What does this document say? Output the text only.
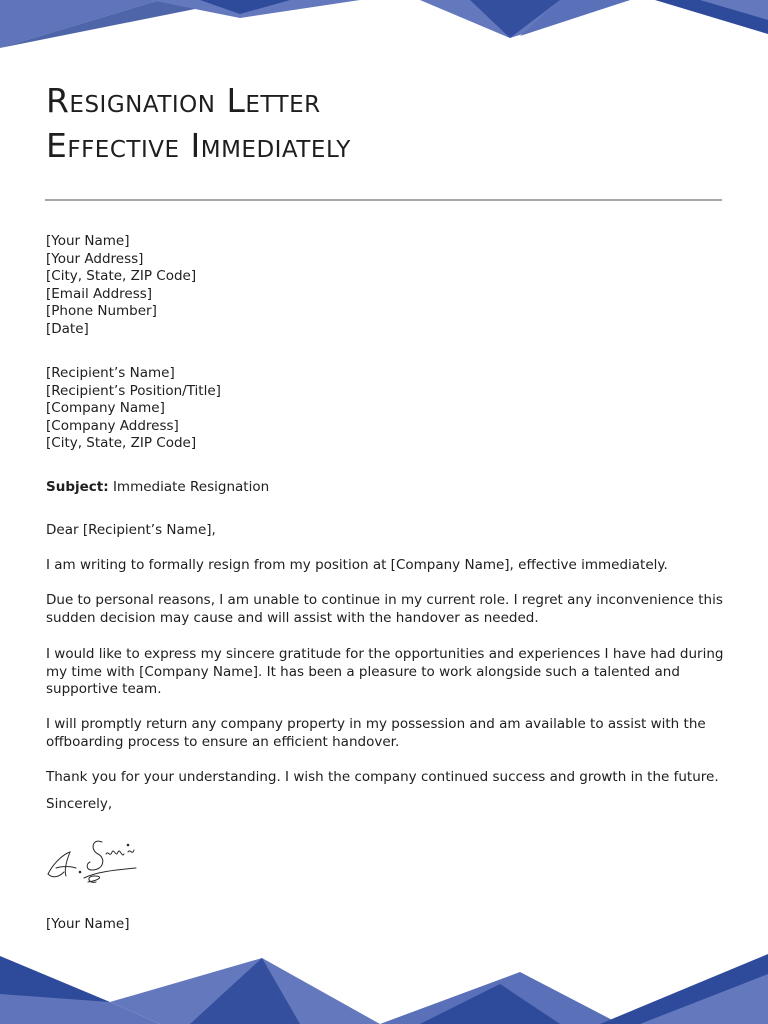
Resignation Letter
Effective Immediately
[Your Name]
[Your Address]
[City, State, ZIP Code]
[Email Address]
[Phone Number]
[Date]
[Recipient’s Name]
[Recipient’s Position/Title]
[Company Name]
[Company Address]
[City, State, ZIP Code]

Subject: Immediate Resignation

Dear [Recipient’s Name],

I am writing to formally resign from my position at [Company Name], effective immediately.

Due to personal reasons, I am unable to continue in my current role. I regret any inconvenience this sudden decision may cause and will assist with the handover as needed.

I would like to express my sincere gratitude for the opportunities and experiences I have had during my time with [Company Name]. It has been a pleasure to work alongside such a talented and supportive team.

I will promptly return any company property in my possession and am available to assist with the offboarding process to ensure an efficient handover.

Thank you for your understanding. I wish the company continued success and growth in the future.

Sincerely,

[Your Name]
